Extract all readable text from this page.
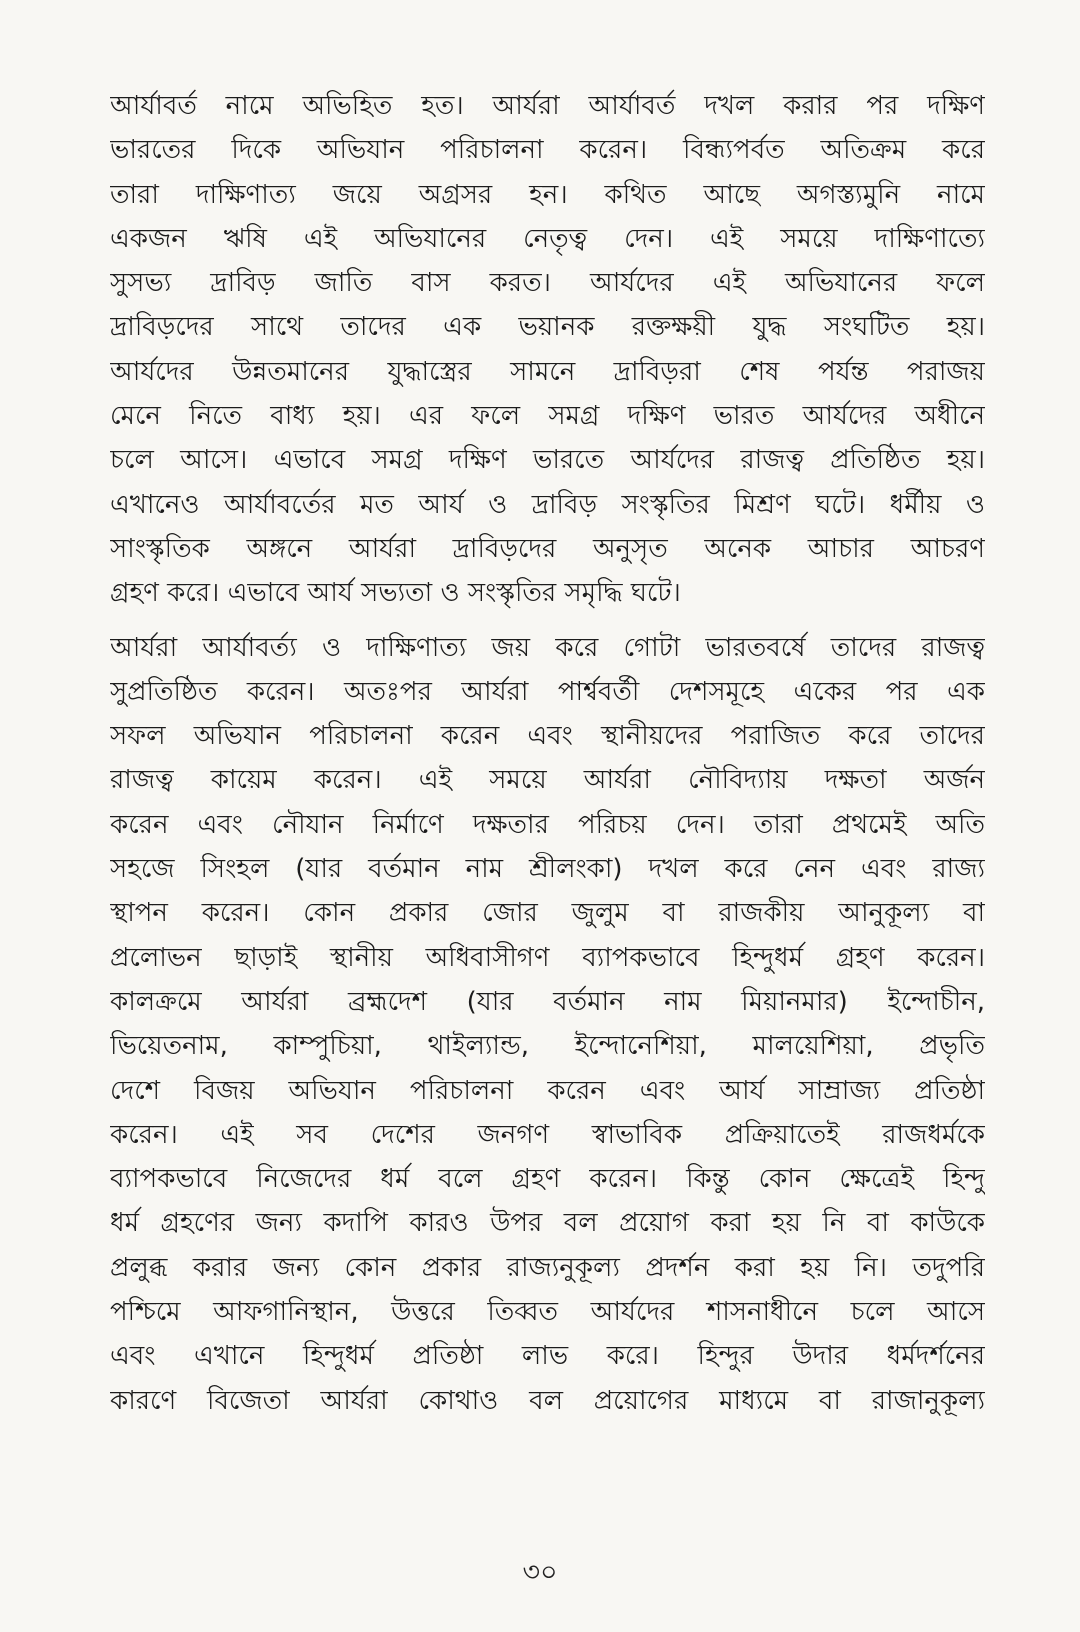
আর্যাবর্ত নামে অভিহিত হত। আর্যরা আর্যাবর্ত দখল করার পর দক্ষিণ
ভারতের দিকে অভিযান পরিচালনা করেন। বিন্ধ্যপর্বত অতিক্রম করে
তারা দাক্ষিণাত্য জয়ে অগ্রসর হন। কথিত আছে অগস্ত্যমুনি নামে
একজন ঋষি এই অভিযানের নেতৃত্ব দেন। এই সময়ে দাক্ষিণাত্যে
সুসভ্য দ্রাবিড় জাতি বাস করত। আর্যদের এই অভিযানের ফলে
দ্রাবিড়দের সাথে তাদের এক ভয়ানক রক্তক্ষয়ী যুদ্ধ সংঘটিত হয়।
আর্যদের উন্নতমানের যুদ্ধাস্ত্রের সামনে দ্রাবিড়রা শেষ পর্যন্ত পরাজয়
মেনে নিতে বাধ্য হয়। এর ফলে সমগ্র দক্ষিণ ভারত আর্যদের অধীনে
চলে আসে। এভাবে সমগ্র দক্ষিণ ভারতে আর্যদের রাজত্ব প্রতিষ্ঠিত হয়।
এখানেও আর্যাবর্তের মত আর্য ও দ্রাবিড় সংস্কৃতির মিশ্রণ ঘটে। ধর্মীয় ও
সাংস্কৃতিক অঙ্গনে আর্যরা দ্রাবিড়দের অনুসৃত অনেক আচার আচরণ
গ্রহণ করে। এভাবে আর্য সভ্যতা ও সংস্কৃতির সমৃদ্ধি ঘটে।
আর্যরা আর্যাবর্ত্য ও দাক্ষিণাত্য জয় করে গোটা ভারতবর্ষে তাদের রাজত্ব
সুপ্রতিষ্ঠিত করেন। অতঃপর আর্যরা পার্শ্ববর্তী দেশসমূহে একের পর এক
সফল অভিযান পরিচালনা করেন এবং স্থানীয়দের পরাজিত করে তাদের
রাজত্ব কায়েম করেন। এই সময়ে আর্যরা নৌবিদ্যায় দক্ষতা অর্জন
করেন এবং নৌযান নির্মাণে দক্ষতার পরিচয় দেন। তারা প্রথমেই অতি
সহজে সিংহল (যার বর্তমান নাম শ্রীলংকা) দখল করে নেন এবং রাজ্য
স্থাপন করেন। কোন প্রকার জোর জুলুম বা রাজকীয় আনুকূল্য বা
প্রলোভন ছাড়াই স্থানীয় অধিবাসীগণ ব্যাপকভাবে হিন্দুধর্ম গ্রহণ করেন।
কালক্রমে আর্যরা ব্রহ্মদেশ (যার বর্তমান নাম মিয়ানমার) ইন্দোচীন,
ভিয়েতনাম, কাম্পুচিয়া, থাইল্যান্ড, ইন্দোনেশিয়া, মালয়েশিয়া, প্রভৃতি
দেশে বিজয় অভিযান পরিচালনা করেন এবং আর্য সাম্রাজ্য প্রতিষ্ঠা
করেন। এই সব দেশের জনগণ স্বাভাবিক প্রক্রিয়াতেই রাজধর্মকে
ব্যাপকভাবে নিজেদের ধর্ম বলে গ্রহণ করেন। কিন্তু কোন ক্ষেত্রেই হিন্দু
ধর্ম গ্রহণের জন্য কদাপি কারও উপর বল প্রয়োগ করা হয় নি বা কাউকে
প্রলুব্ধ করার জন্য কোন প্রকার রাজ্যনুকূল্য প্রদর্শন করা হয় নি। তদুপরি
পশ্চিমে আফগানিস্থান, উত্তরে তিব্বত আর্যদের শাসনাধীনে চলে আসে
এবং এখানে হিন্দুধর্ম প্রতিষ্ঠা লাভ করে। হিন্দুর উদার ধর্মদর্শনের
কারণে বিজেতা আর্যরা কোথাও বল প্রয়োগের মাধ্যমে বা রাজানুকূল্য
৩০
